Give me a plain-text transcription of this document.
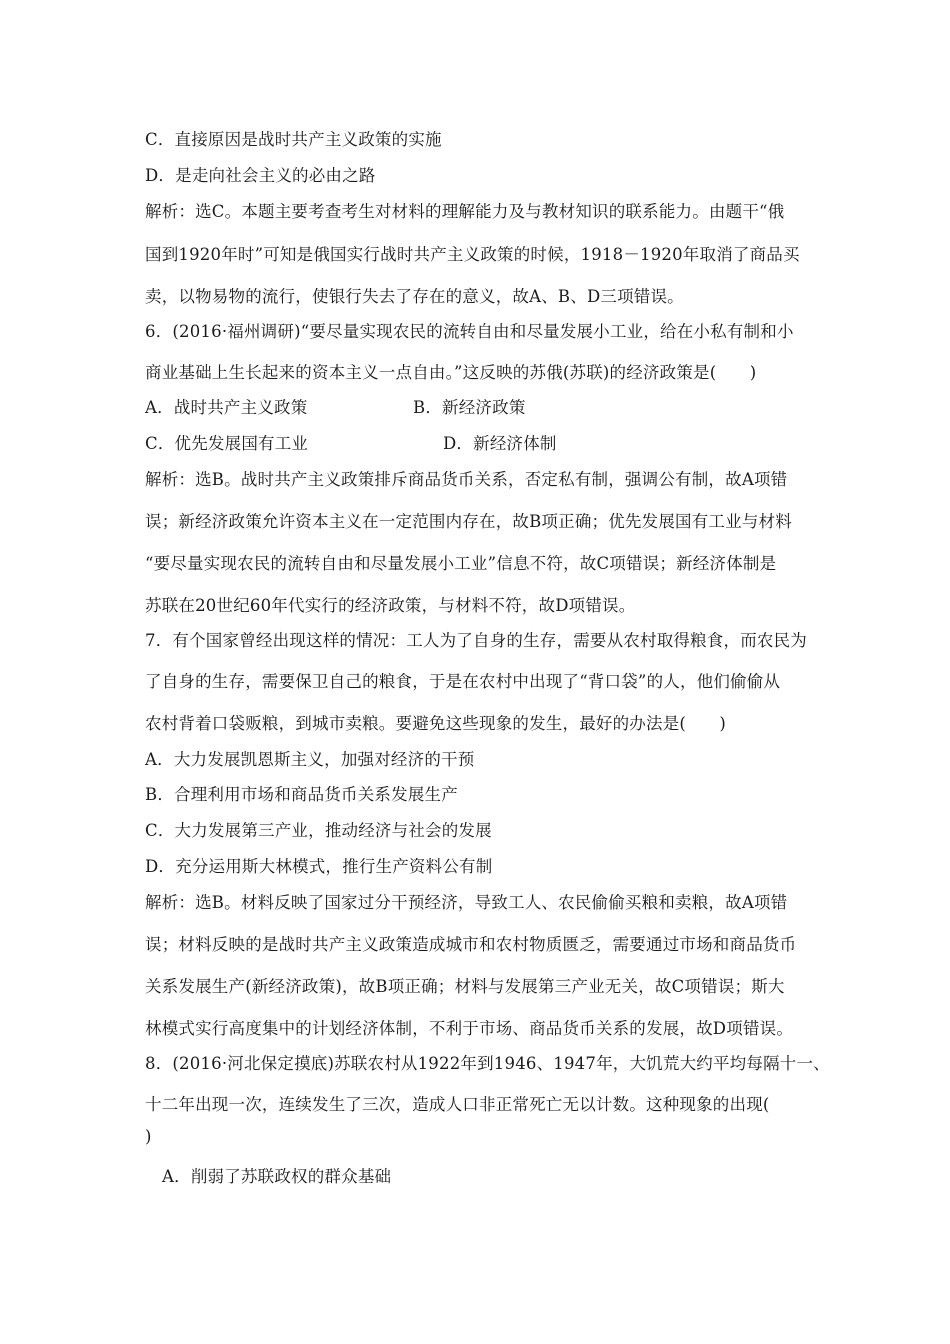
C．直接原因是战时共产主义政策的实施
D．是走向社会主义的必由之路
解析：选C。本题主要考查考生对材料的理解能力及与教材知识的联系能力。由题干“俄
国到1920年时”可知是俄国实行战时共产主义政策的时候，1918－1920年取消了商品买
卖，以物易物的流行，使银行失去了存在的意义，故A、B、D三项错误。
6．(2016·福州调研)“要尽量实现农民的流转自由和尽量发展小工业，给在小私有制和小
商业基础上生长起来的资本主义一点自由。”这反映的苏俄(苏联)的经济政策是(　　)
A．战时共产主义政策	B．新经济政策
C．优先发展国有工业	D．新经济体制
解析：选B。战时共产主义政策排斥商品货币关系，否定私有制，强调公有制，故A项错
误；新经济政策允许资本主义在一定范围内存在，故B项正确；优先发展国有工业与材料
“要尽量实现农民的流转自由和尽量发展小工业”信息不符，故C项错误；新经济体制是
苏联在20世纪60年代实行的经济政策，与材料不符，故D项错误。
7．有个国家曾经出现这样的情况：工人为了自身的生存，需要从农村取得粮食，而农民为
了自身的生存，需要保卫自己的粮食，于是在农村中出现了“背口袋”的人，他们偷偷从
农村背着口袋贩粮，到城市卖粮。要避免这些现象的发生，最好的办法是(　　)
A．大力发展凯恩斯主义，加强对经济的干预
B．合理利用市场和商品货币关系发展生产
C．大力发展第三产业，推动经济与社会的发展
D．充分运用斯大林模式，推行生产资料公有制
解析：选B。材料反映了国家过分干预经济，导致工人、农民偷偷买粮和卖粮，故A项错
误；材料反映的是战时共产主义政策造成城市和农村物质匮乏，需要通过市场和商品货币
关系发展生产(新经济政策)，故B项正确；材料与发展第三产业无关，故C项错误；斯大
林模式实行高度集中的计划经济体制，不利于市场、商品货币关系的发展，故D项错误。
8．(2016·河北保定摸底)苏联农村从1922年到1946、1947年，大饥荒大约平均每隔十一、
十二年出现一次，连续发生了三次，造成人口非正常死亡无以计数。这种现象的出现(
)
A．削弱了苏联政权的群众基础
